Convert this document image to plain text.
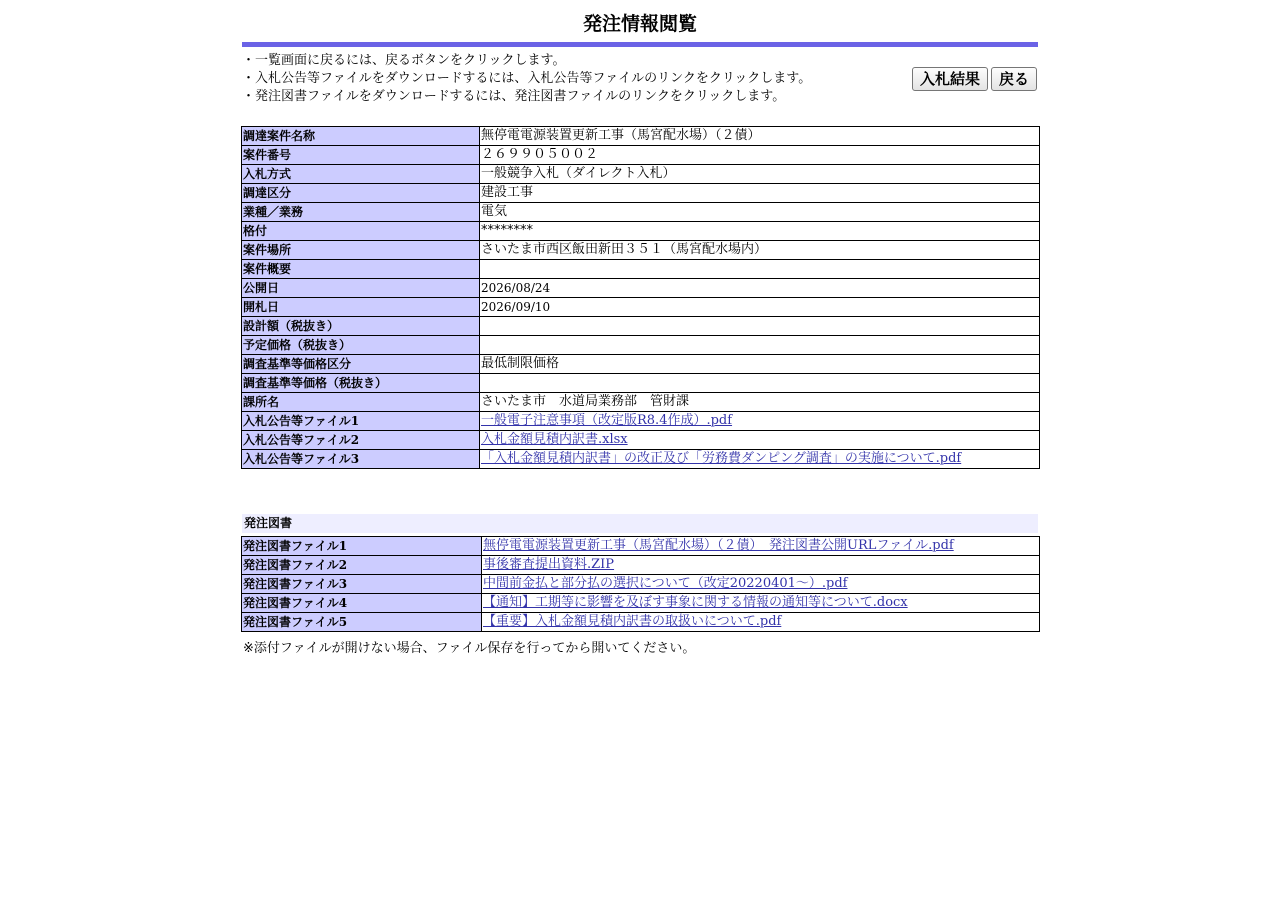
発注情報閲覧
・一覧画面に戻るには、戻るボタンをクリックします。
・入札公告等ファイルをダウンロードするには、入札公告等ファイルのリンクをクリックします。
・発注図書ファイルをダウンロードするには、発注図書ファイルのリンクをクリックします。
入札結果	戻る
調達案件名称	無停電電源装置更新工事（馬宮配水場）（２債）
案件番号	２６９９０５００２
入札方式	一般競争入札（ダイレクト入札）
調達区分	建設工事
業種／業務	電気
格付	********
案件場所	さいたま市西区飯田新田３５１（馬宮配水場内）
案件概要	
公開日	2026/08/24
開札日	2026/09/10
設計額（税抜き）	
予定価格（税抜き）	
調査基準等価格区分	最低制限価格
調査基準等価格（税抜き）	
課所名	さいたま市　水道局業務部　管財課
入札公告等ファイル1	一般電子注意事項（改定版R8.4作成）.pdf
入札公告等ファイル2	入札金額見積内訳書.xlsx
入札公告等ファイル3	「入札金額見積内訳書」の改正及び「労務費ダンピング調査」の実施について.pdf
発注図書
発注図書ファイル1	無停電電源装置更新工事（馬宮配水場）（２債）　発注図書公開URLファイル.pdf
発注図書ファイル2	事後審査提出資料.ZIP
発注図書ファイル3	中間前金払と部分払の選択について（改定20220401～）.pdf
発注図書ファイル4	【通知】工期等に影響を及ぼす事象に関する情報の通知等について.docx
発注図書ファイル5	【重要】入札金額見積内訳書の取扱いについて.pdf
※添付ファイルが開けない場合、ファイル保存を行ってから開いてください。
